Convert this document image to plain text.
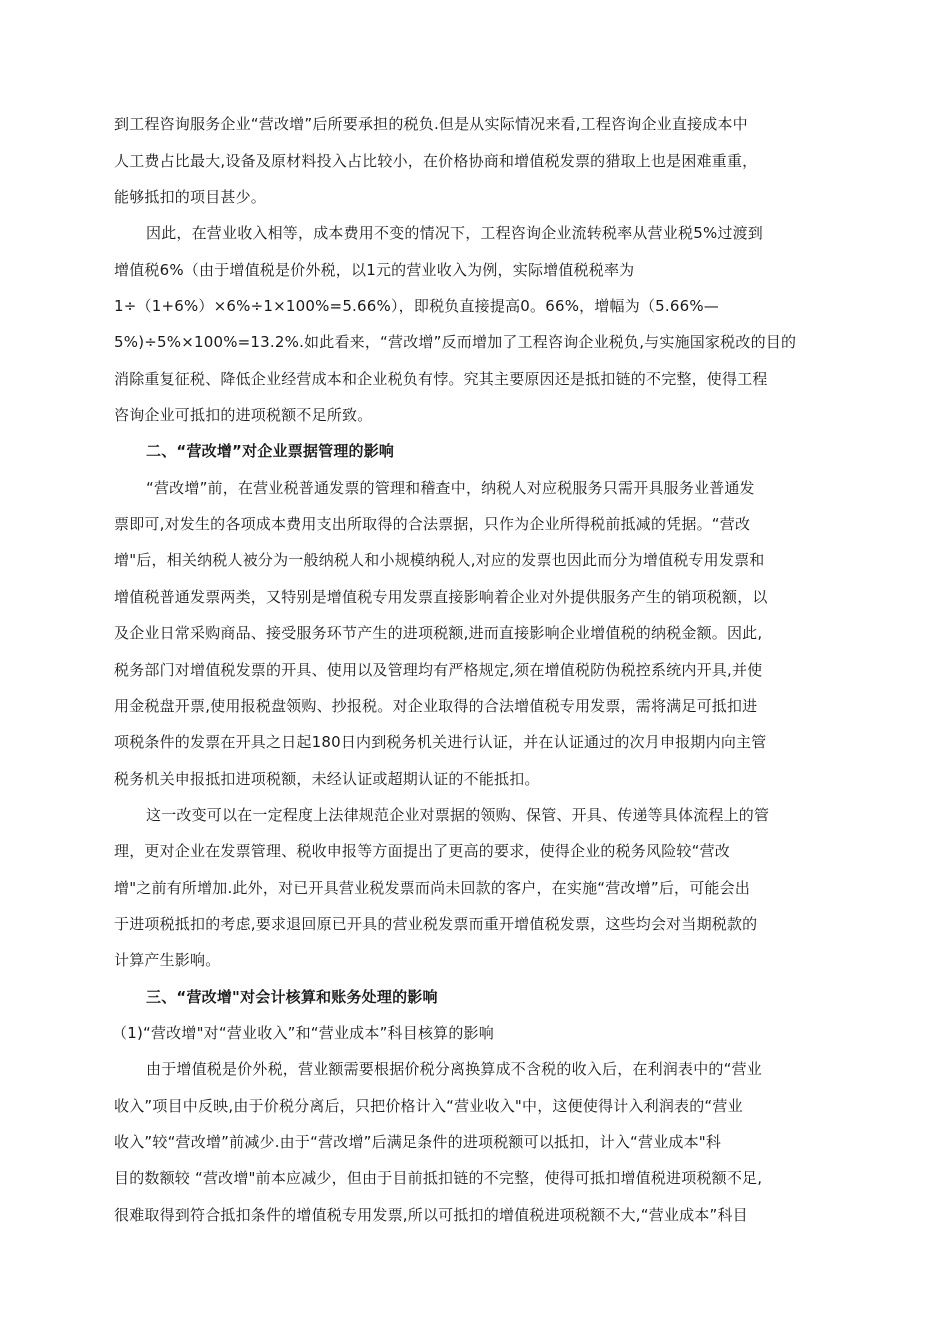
到工程咨询服务企业“营改增”后所要承担的税负.但是从实际情况来看,工程咨询企业直接成本中
人工费占比最大,设备及原材料投入占比较小，在价格协商和增值税发票的猎取上也是困难重重，
能够抵扣的项目甚少。
因此，在营业收入相等，成本费用不变的情况下，工程咨询企业流转税率从营业税5%过渡到
增值税6%（由于增值税是价外税，以1元的营业收入为例，实际增值税税率为
1÷（1+6%）×6%÷1×100%=5.66%），即税负直接提高0。66%，增幅为（5.66%—
5%)÷5%×100%=13.2%.如此看来，“营改增”反而增加了工程咨询企业税负,与实施国家税改的目的
消除重复征税、降低企业经营成本和企业税负有悖。究其主要原因还是抵扣链的不完整，使得工程
咨询企业可抵扣的进项税额不足所致。
二、“营改增”对企业票据管理的影响
“营改增”前，在营业税普通发票的管理和稽查中，纳税人对应税服务只需开具服务业普通发
票即可,对发生的各项成本费用支出所取得的合法票据，只作为企业所得税前抵减的凭据。“营改
增"后，相关纳税人被分为一般纳税人和小规模纳税人,对应的发票也因此而分为增值税专用发票和
增值税普通发票两类，又特别是增值税专用发票直接影响着企业对外提供服务产生的销项税额，以
及企业日常采购商品、接受服务环节产生的进项税额,进而直接影响企业增值税的纳税金额。因此,
税务部门对增值税发票的开具、使用以及管理均有严格规定,须在增值税防伪税控系统内开具,并使
用金税盘开票,使用报税盘领购、抄报税。对企业取得的合法增值税专用发票，需将满足可抵扣进
项税条件的发票在开具之日起180日内到税务机关进行认证，并在认证通过的次月申报期内向主管
税务机关申报抵扣进项税额，未经认证或超期认证的不能抵扣。
这一改变可以在一定程度上法律规范企业对票据的领购、保管、开具、传递等具体流程上的管
理，更对企业在发票管理、税收申报等方面提出了更高的要求，使得企业的税务风险较“营改
增"之前有所增加.此外，对已开具营业税发票而尚未回款的客户，在实施“营改增”后，可能会出
于进项税抵扣的考虑,要求退回原已开具的营业税发票而重开增值税发票，这些均会对当期税款的
计算产生影响。
三、“营改增"对会计核算和账务处理的影响
（1)“营改增"对“营业收入”和“营业成本”科目核算的影响
由于增值税是价外税，营业额需要根据价税分离换算成不含税的收入后，在利润表中的“营业
收入”项目中反映,由于价税分离后，只把价格计入“营业收入"中，这便使得计入利润表的“营业
收入”较“营改增”前减少.由于“营改增”后满足条件的进项税额可以抵扣，计入“营业成本"科
目的数额较 “营改增"前本应减少，但由于目前抵扣链的不完整，使得可抵扣增值税进项税额不足,
很难取得到符合抵扣条件的增值税专用发票,所以可抵扣的增值税进项税额不大,“营业成本”科目
